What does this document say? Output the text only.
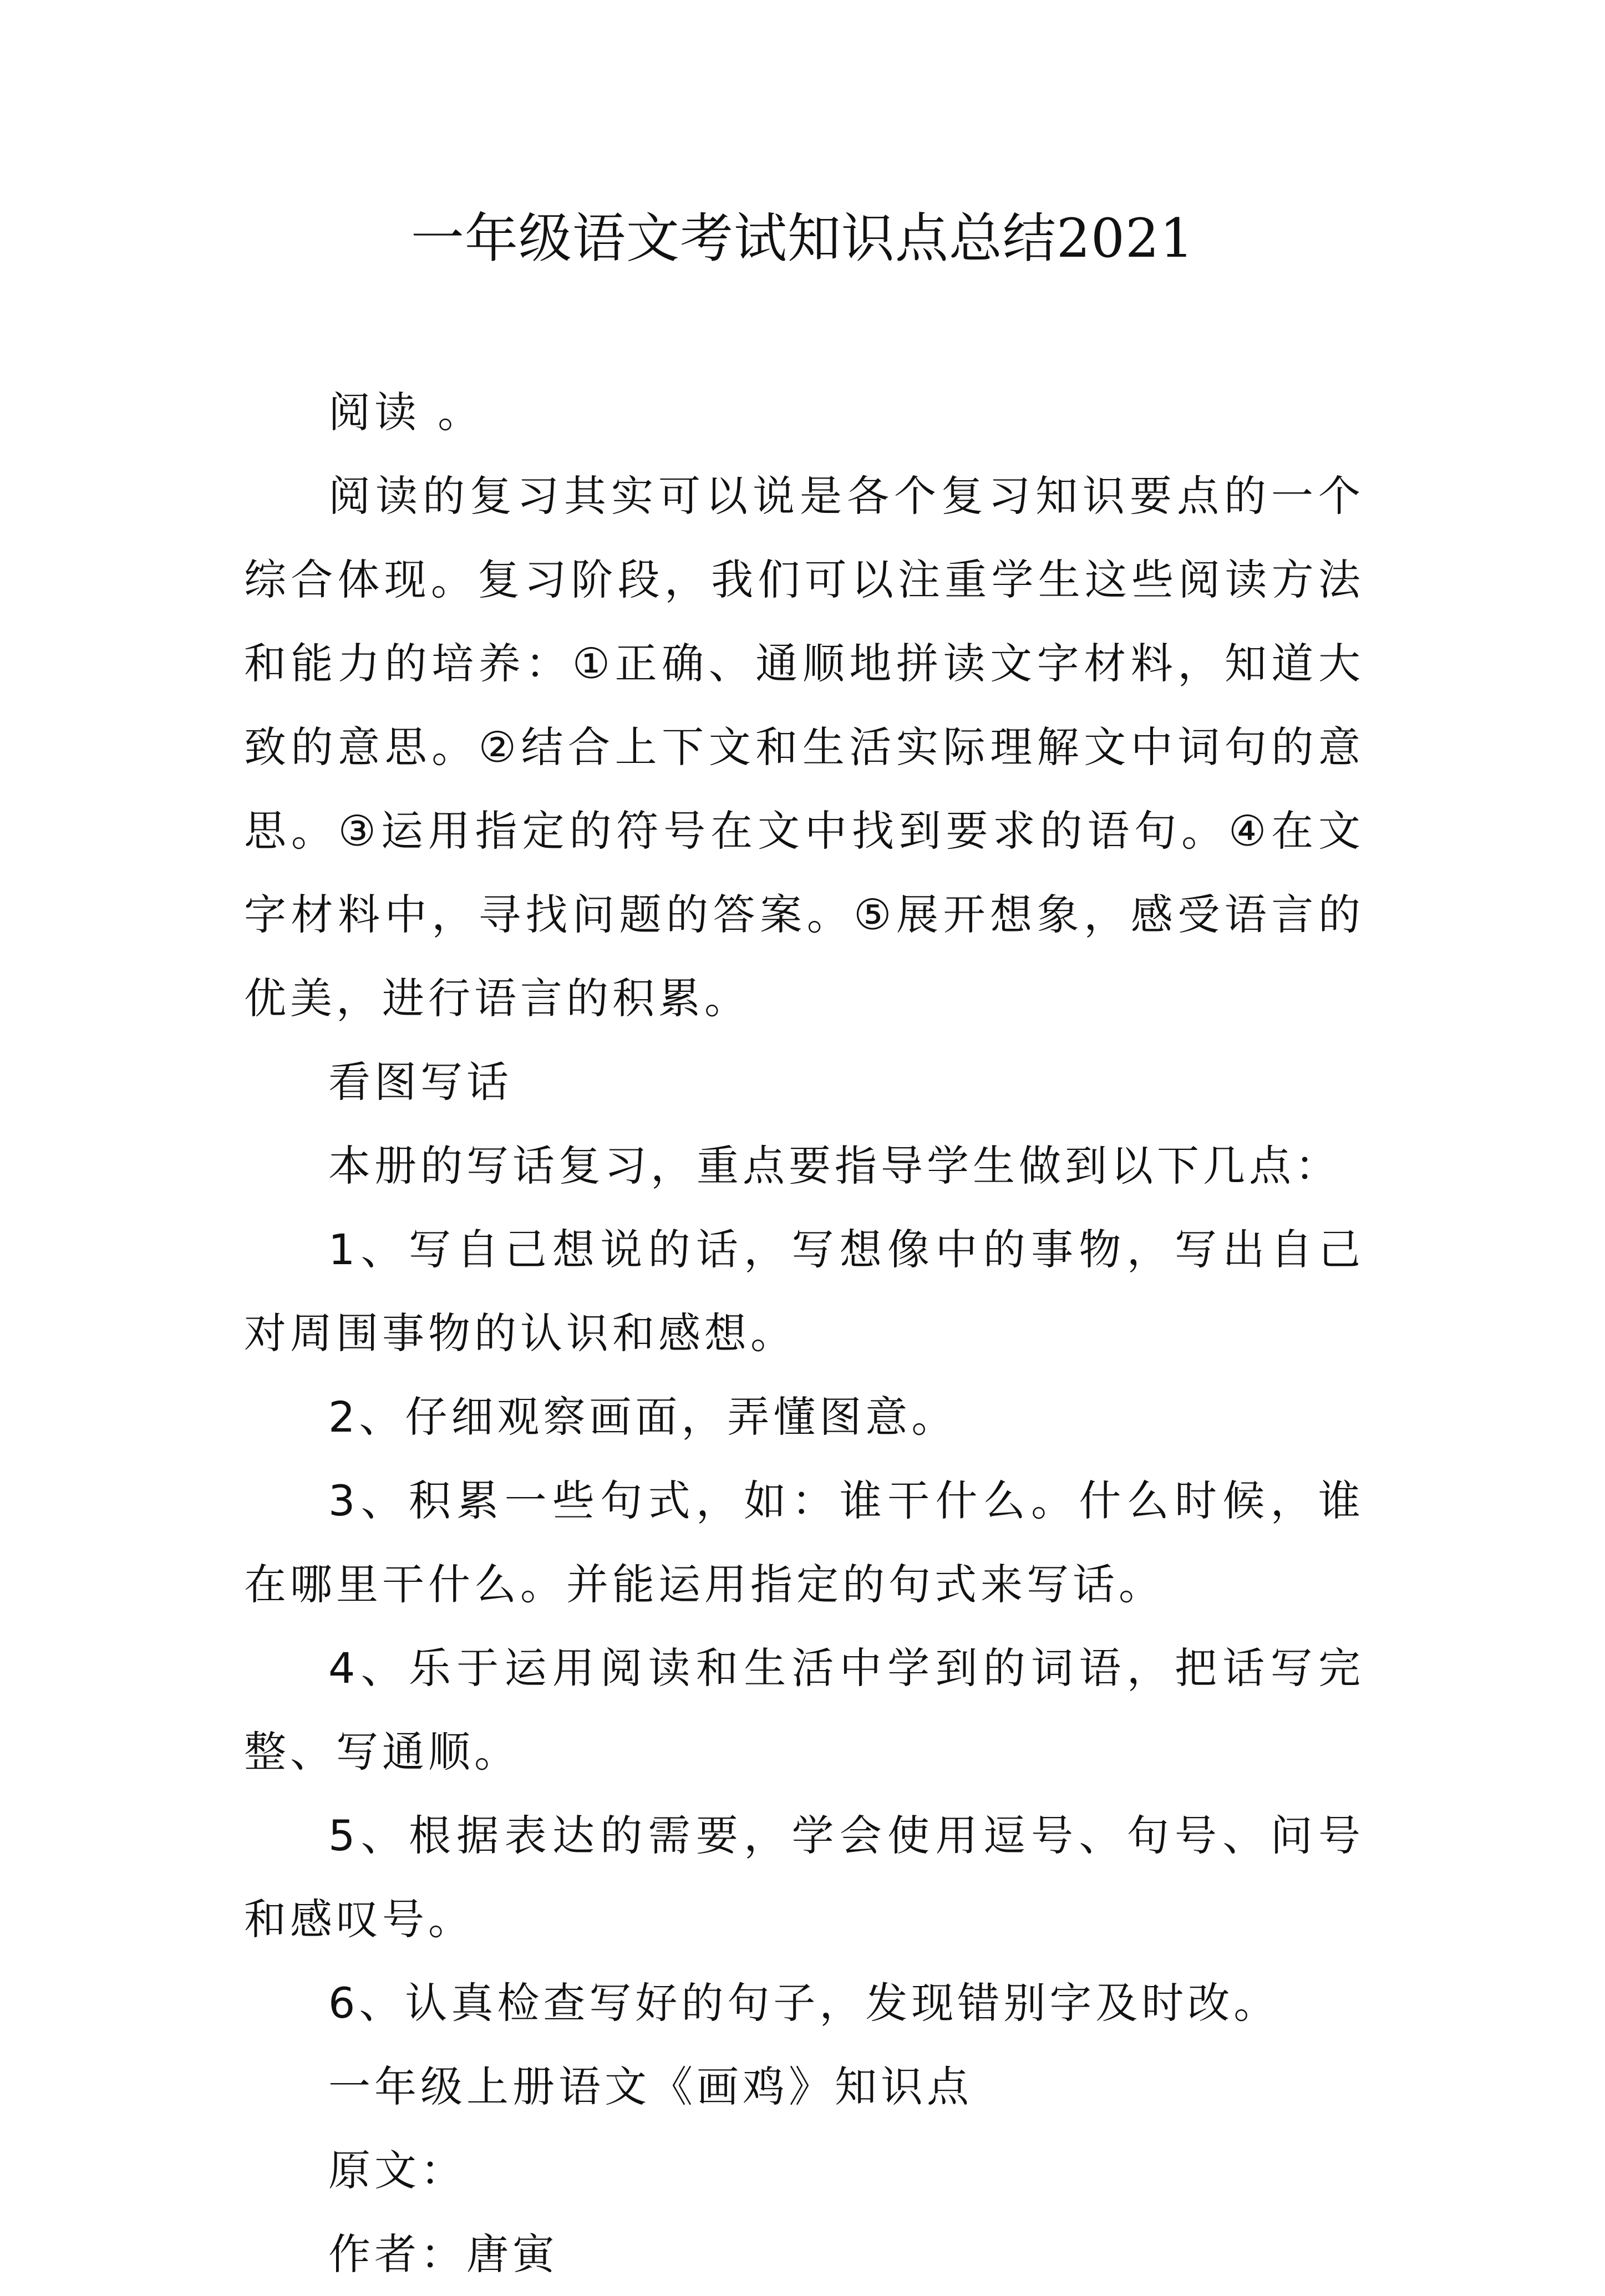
一年级语文考试知识点总结2021

阅读 。

阅读的复习其实可以说是各个复习知识要点的一个综合体现。复习阶段，我们可以注重学生这些阅读方法和能力的培养：①正确、通顺地拼读文字材料，知道大致的意思。②结合上下文和生活实际理解文中词句的意思。③运用指定的符号在文中找到要求的语句。④在文字材料中，寻找问题的答案。⑤展开想象，感受语言的优美，进行语言的积累。

看图写话

本册的写话复习，重点要指导学生做到以下几点：

1、写自己想说的话，写想像中的事物，写出自己对周围事物的认识和感想。

2、仔细观察画面，弄懂图意。

3、积累一些句式，如：谁干什么。什么时候，谁在哪里干什么。并能运用指定的句式来写话。

4、乐于运用阅读和生活中学到的词语，把话写完整、写通顺。

5、根据表达的需要，学会使用逗号、句号、问号和感叹号。

6、认真检查写好的句子，发现错别字及时改。

一年级上册语文《画鸡》知识点

原文：

作者：唐寅
